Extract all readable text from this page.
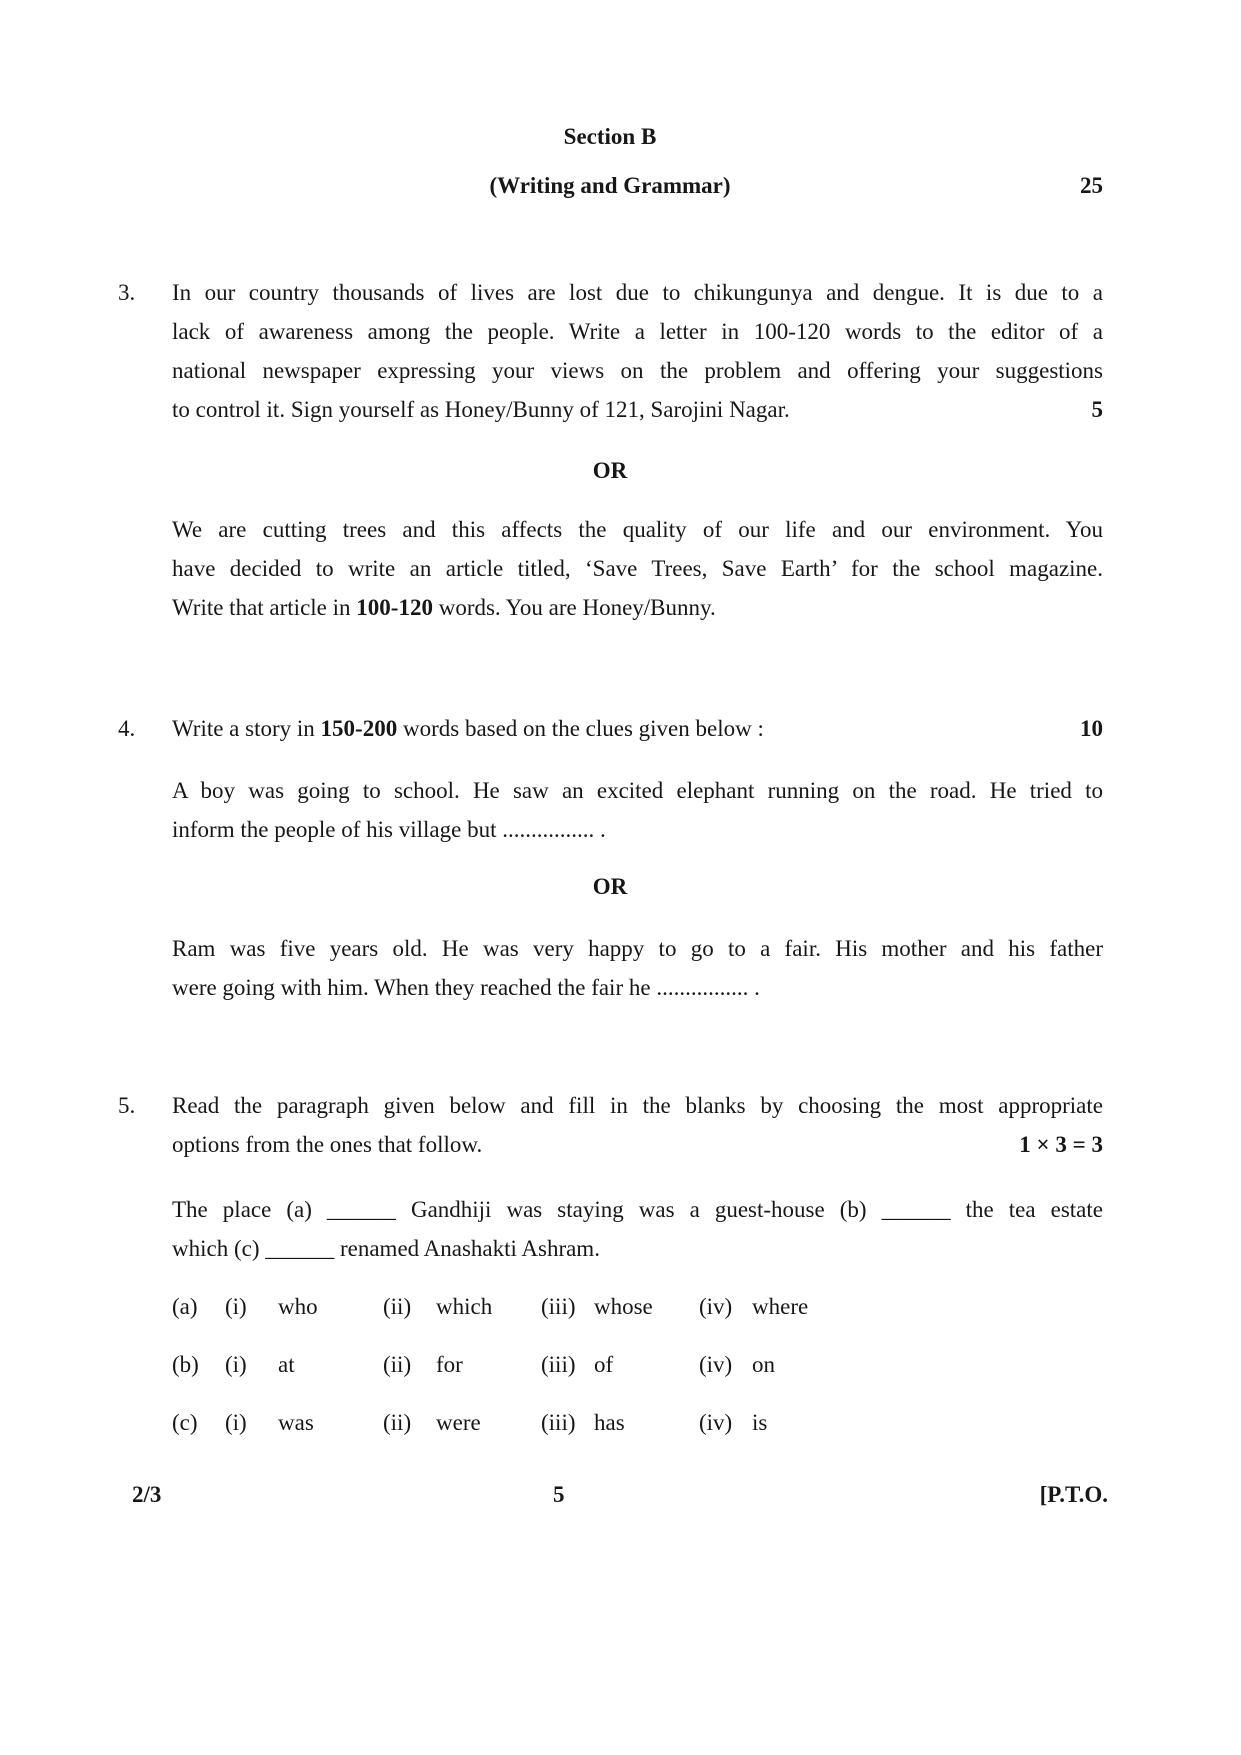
Section B
(Writing and Grammar)	25
3.	In our country thousands of lives are lost due to chikungunya and dengue. It is due to a
lack of awareness among the people. Write a letter in 100-120 words to the editor of a
national newspaper expressing your views on the problem and offering your suggestions
to control it. Sign yourself as Honey/Bunny of 121, Sarojini Nagar.	5
OR
We are cutting trees and this affects the quality of our life and our environment. You
have decided to write an article titled, ‘Save Trees, Save Earth’ for the school magazine.
Write that article in 100-120 words. You are Honey/Bunny.
4.	Write a story in 150-200 words based on the clues given below :	10
A boy was going to school. He saw an excited elephant running on the road. He tried to
inform the people of his village but ................ .
OR
Ram was five years old. He was very happy to go to a fair. His mother and his father
were going with him. When they reached the fair he ................ .
5.	Read the paragraph given below and fill in the blanks by choosing the most appropriate
options from the ones that follow.	1 × 3 = 3
The place (a) ______ Gandhiji was staying was a guest-house (b) ______ the tea estate
which (c) ______ renamed Anashakti Ashram.
(a)	(i)	who	(ii)	which	(iii) whose	(iv) where
(b)	(i)	at	(ii)	for	(iii) of	(iv) on
(c)	(i)	was	(ii)	were	(iii) has	(iv) is
2/3	5	[P.T.O.
